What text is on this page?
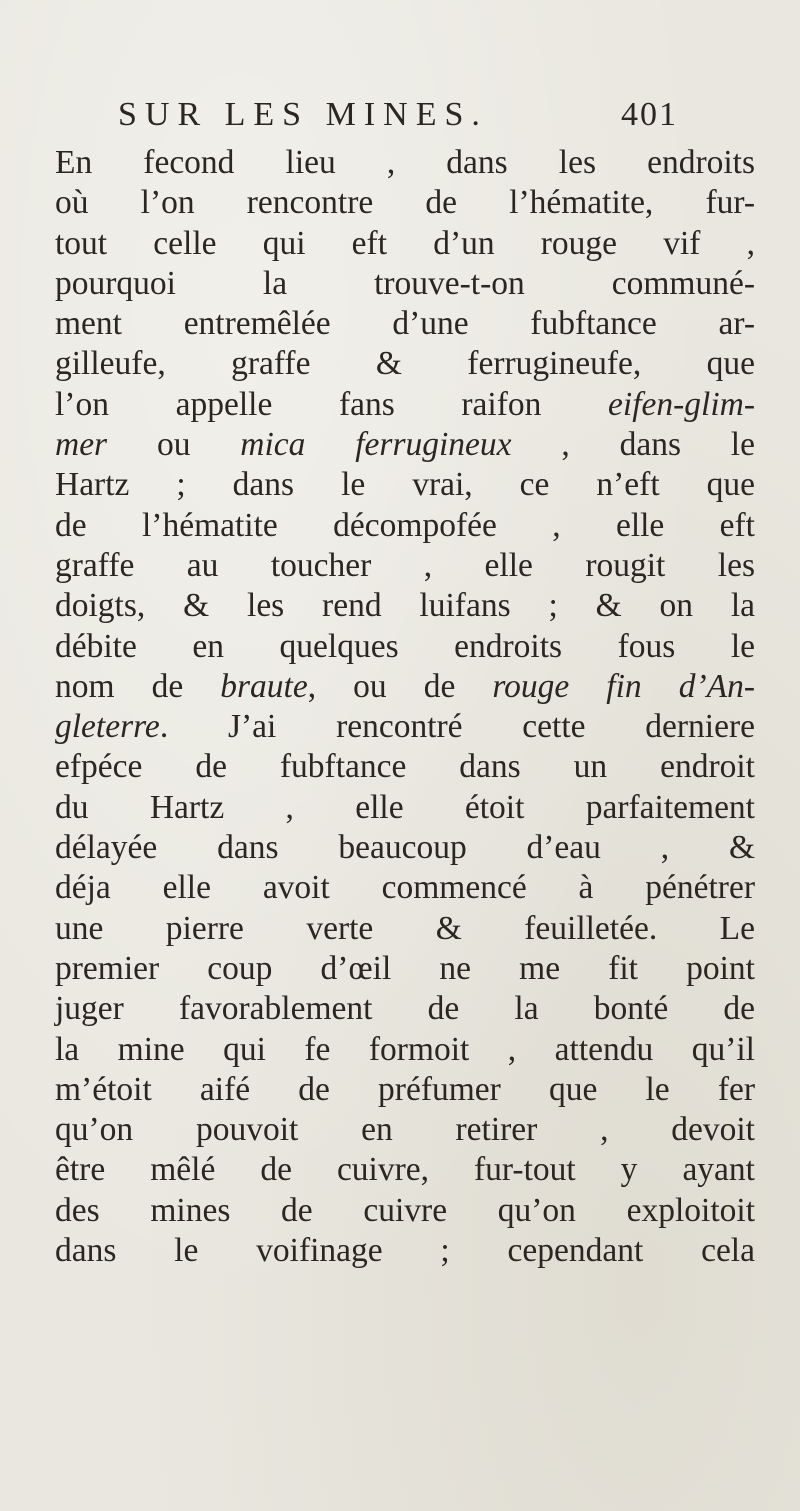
SUR LES MINES.	401
En fecond lieu , dans les endroits
où l’on rencontre de l’hématite, fur-
tout celle qui eft d’un rouge vif ,
pourquoi la trouve-t-on communé-
ment entremêlée d’une fubftance ar-
gilleufe, graffe & ferrugineufe, que
l’on appelle fans raifon eifen-glim-
mer ou mica ferrugineux , dans le
Hartz ; dans le vrai, ce n’eft que
de l’hématite décompofée , elle eft
graffe au toucher , elle rougit les
doigts, & les rend luifans ; & on la
débite en quelques endroits fous le
nom de braute, ou de rouge fin d’An-
gleterre. J’ai rencontré cette derniere
efpéce de fubftance dans un endroit
du Hartz , elle étoit parfaitement
délayée dans beaucoup d’eau , &
déja elle avoit commencé à pénétrer
une pierre verte & feuilletée. Le
premier coup d’œil ne me fit point
juger favorablement de la bonté de
la mine qui fe formoit , attendu qu’il
m’étoit aifé de préfumer que le fer
qu’on pouvoit en retirer , devoit
être mêlé de cuivre, fur-tout y ayant
des mines de cuivre qu’on exploitoit
dans le voifinage ; cependant cela
